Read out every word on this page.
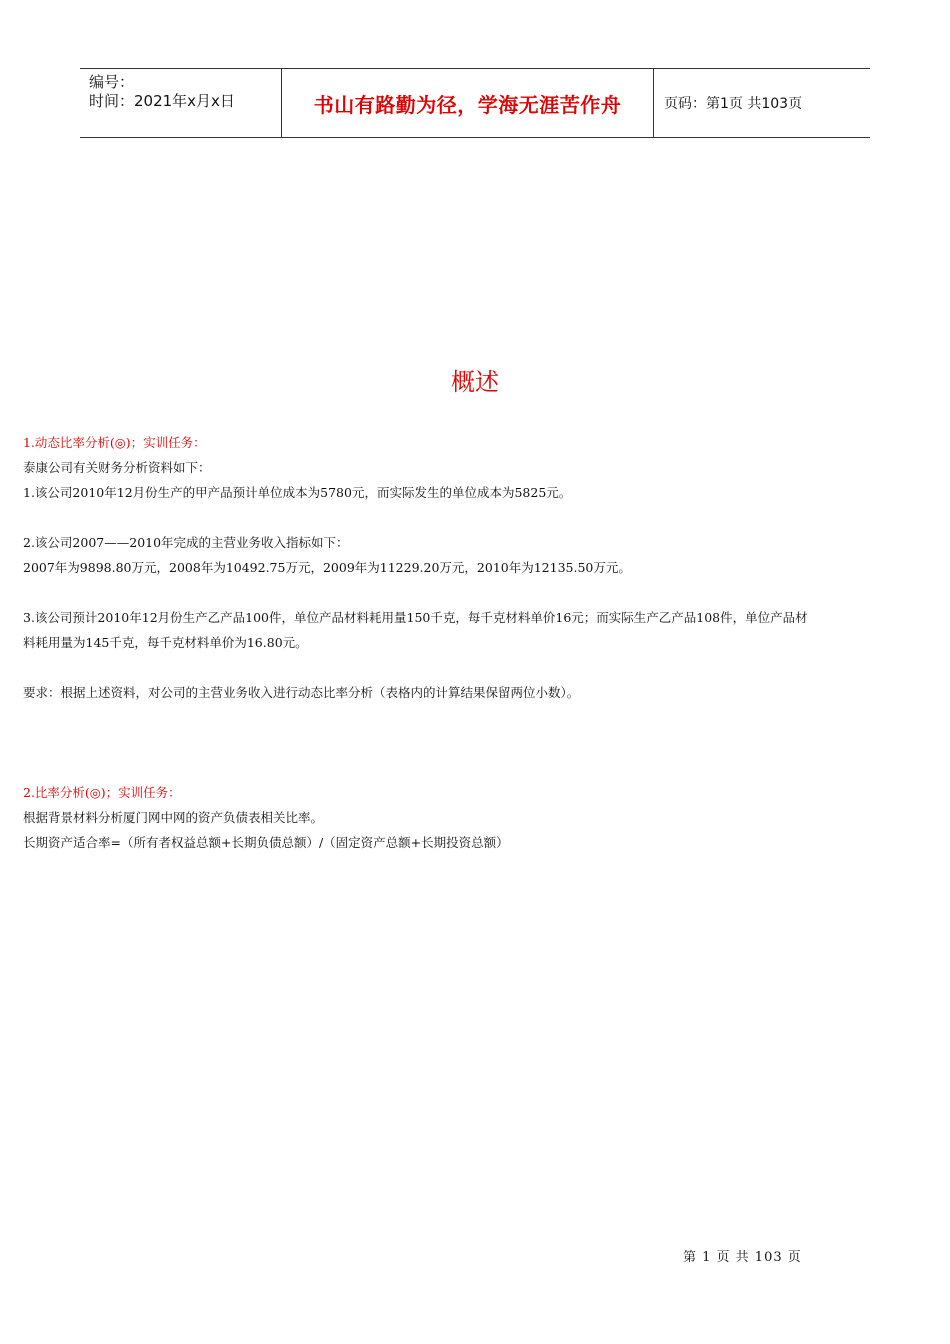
编号：
时间：2021年x月x日	书山有路勤为径，学海无涯苦作舟	页码：第1页 共103页
概述
1.动态比率分析(◎)；实训任务：
泰康公司有关财务分析资料如下：
1.该公司2010年12月份生产的甲产品预计单位成本为5780元，而实际发生的单位成本为5825元。
2.该公司2007——2010年完成的主营业务收入指标如下：
2007年为9898.80万元，2008年为10492.75万元，2009年为11229.20万元，2010年为12135.50万元。
3.该公司预计2010年12月份生产乙产品100件，单位产品材料耗用量150千克，每千克材料单价16元；而实际生产乙产品108件，单位产品材
料耗用量为145千克，每千克材料单价为16.80元。
要求：根据上述资料，对公司的主营业务收入进行动态比率分析（表格内的计算结果保留两位小数）。
2.比率分析(◎)；实训任务：
根据背景材料分析厦门网中网的资产负债表相关比率。
长期资产适合率=（所有者权益总额+长期负债总额）/（固定资产总额+长期投资总额）
第 1 页 共 103 页
